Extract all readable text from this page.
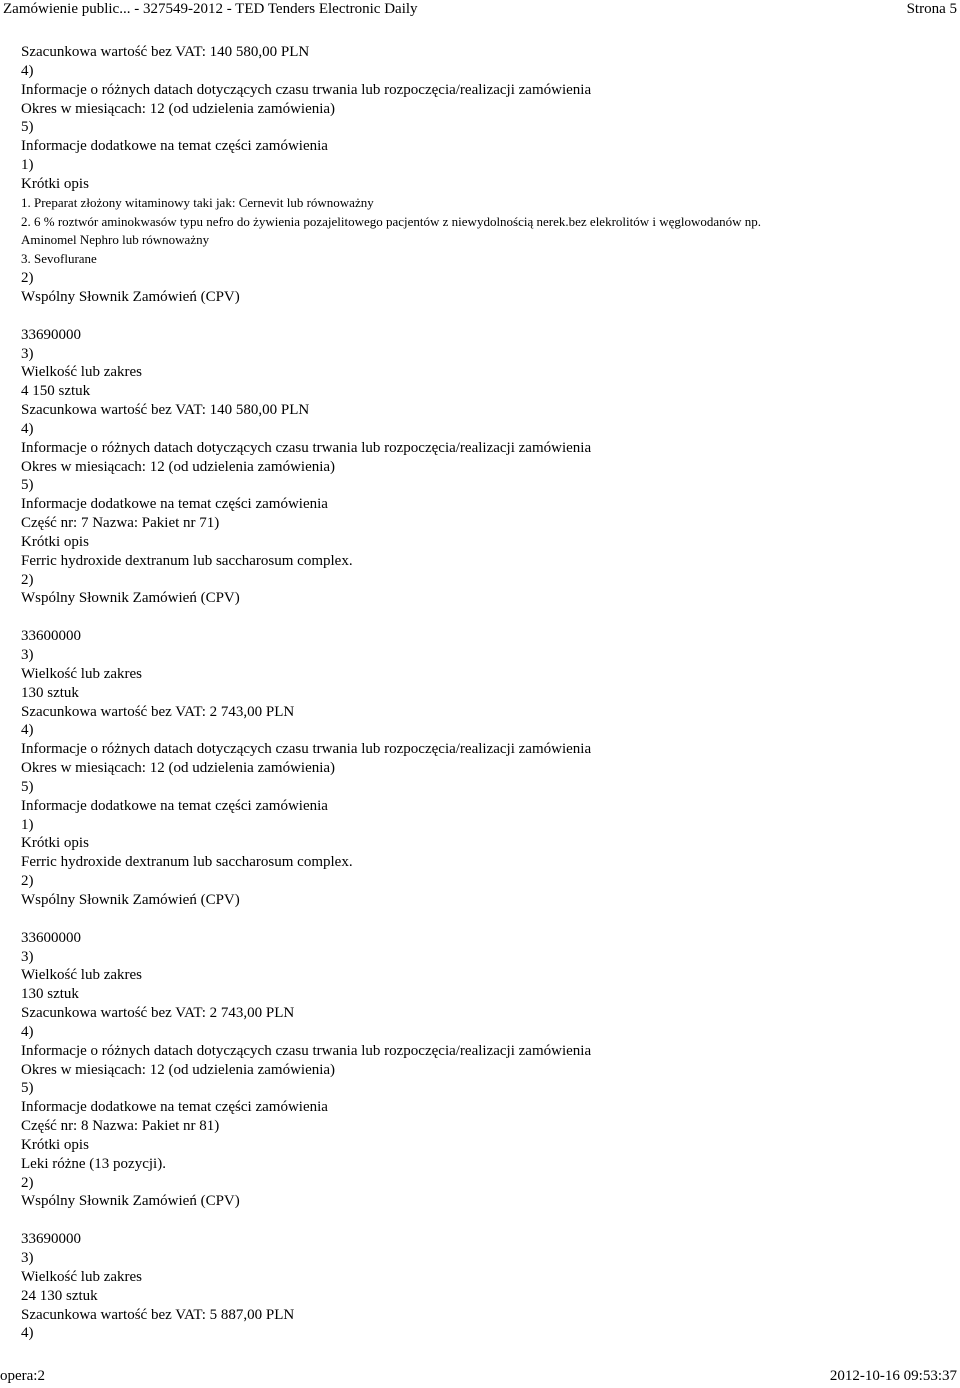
Zamówienie public... - 327549-2012 - TED Tenders Electronic Daily	Strona 5
Szacunkowa wartość bez VAT: 140 580,00 PLN
4)
Informacje o różnych datach dotyczących czasu trwania lub rozpoczęcia/realizacji zamówienia
Okres w miesiącach: 12 (od udzielenia zamówienia)
5)
Informacje dodatkowe na temat części zamówienia
1)
Krótki opis
1. Preparat złożony witaminowy taki jak: Cernevit lub równoważny
2. 6 % roztwór aminokwasów typu nefro do żywienia pozajelitowego pacjentów z niewydolnością nerek.bez elekrolitów i węglowodanów np.
Aminomel Nephro lub równoważny
3. Sevoflurane
2)
Wspólny Słownik Zamówień (CPV)
33690000
3)
Wielkość lub zakres
4 150 sztuk
Szacunkowa wartość bez VAT: 140 580,00 PLN
4)
Informacje o różnych datach dotyczących czasu trwania lub rozpoczęcia/realizacji zamówienia
Okres w miesiącach: 12 (od udzielenia zamówienia)
5)
Informacje dodatkowe na temat części zamówienia
Część nr: 7 Nazwa: Pakiet nr 71)
Krótki opis
Ferric hydroxide dextranum lub saccharosum complex.
2)
Wspólny Słownik Zamówień (CPV)
33600000
3)
Wielkość lub zakres
130 sztuk
Szacunkowa wartość bez VAT: 2 743,00 PLN
4)
Informacje o różnych datach dotyczących czasu trwania lub rozpoczęcia/realizacji zamówienia
Okres w miesiącach: 12 (od udzielenia zamówienia)
5)
Informacje dodatkowe na temat części zamówienia
1)
Krótki opis
Ferric hydroxide dextranum lub saccharosum complex.
2)
Wspólny Słownik Zamówień (CPV)
33600000
3)
Wielkość lub zakres
130 sztuk
Szacunkowa wartość bez VAT: 2 743,00 PLN
4)
Informacje o różnych datach dotyczących czasu trwania lub rozpoczęcia/realizacji zamówienia
Okres w miesiącach: 12 (od udzielenia zamówienia)
5)
Informacje dodatkowe na temat części zamówienia
Część nr: 8 Nazwa: Pakiet nr 81)
Krótki opis
Leki różne (13 pozycji).
2)
Wspólny Słownik Zamówień (CPV)
33690000
3)
Wielkość lub zakres
24 130 sztuk
Szacunkowa wartość bez VAT: 5 887,00 PLN
4)
opera:2	2012-10-16 09:53:37
